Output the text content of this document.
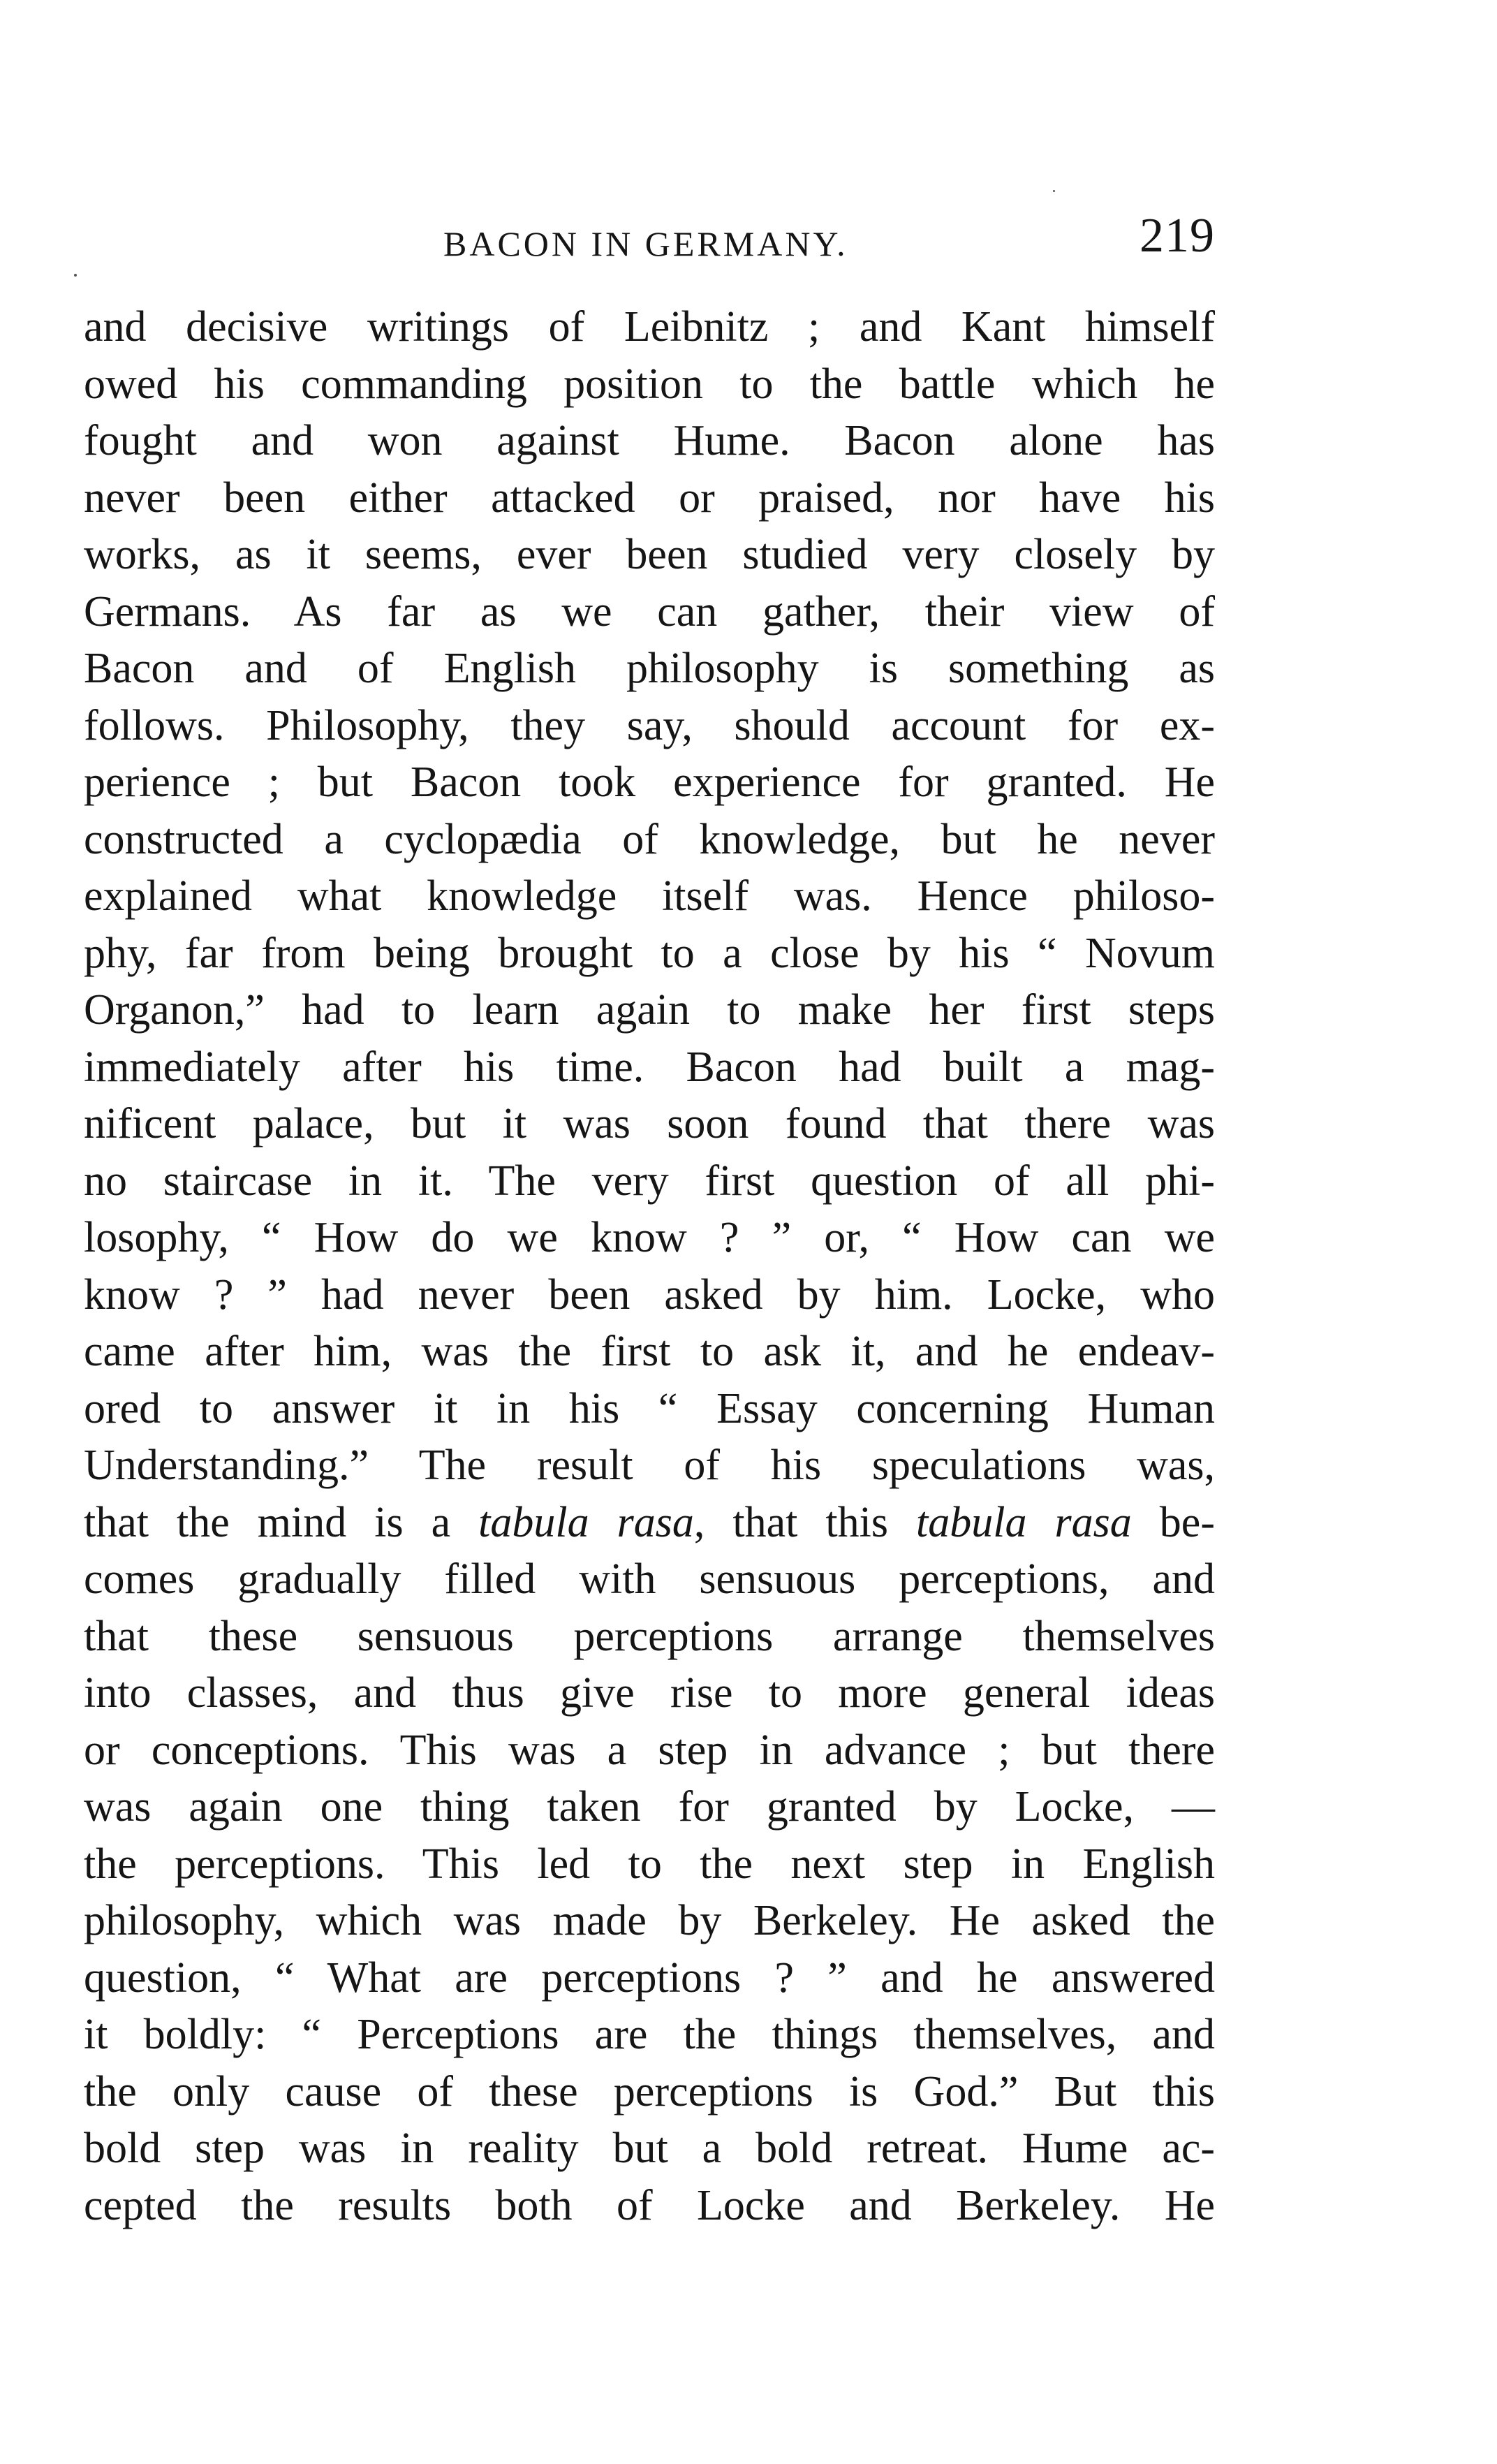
BACON IN GERMANY.	219
and decisive writings of Leibnitz ; and Kant himself
owed his commanding position to the battle which he
fought and won against Hume. Bacon alone has
never been either attacked or praised, nor have his
works, as it seems, ever been studied very closely by
Germans. As far as we can gather, their view of
Bacon and of English philosophy is something as
follows. Philosophy, they say, should account for ex-
perience ; but Bacon took experience for granted. He
constructed a cyclopædia of knowledge, but he never
explained what knowledge itself was. Hence philoso-
phy, far from being brought to a close by his “ Novum
Organon,” had to learn again to make her first steps
immediately after his time. Bacon had built a mag-
nificent palace, but it was soon found that there was
no staircase in it. The very first question of all phi-
losophy, “ How do we know ? ” or, “ How can we
know ? ” had never been asked by him. Locke, who
came after him, was the first to ask it, and he endeav-
ored to answer it in his “ Essay concerning Human
Understanding.” The result of his speculations was,
that the mind is a tabula rasa, that this tabula rasa be-
comes gradually filled with sensuous perceptions, and
that these sensuous perceptions arrange themselves
into classes, and thus give rise to more general ideas
or conceptions. This was a step in advance ; but there
was again one thing taken for granted by Locke, —
the perceptions. This led to the next step in English
philosophy, which was made by Berkeley. He asked the
question, “ What are perceptions ? ” and he answered
it boldly: “ Perceptions are the things themselves, and
the only cause of these perceptions is God.” But this
bold step was in reality but a bold retreat. Hume ac-
cepted the results both of Locke and Berkeley. He
